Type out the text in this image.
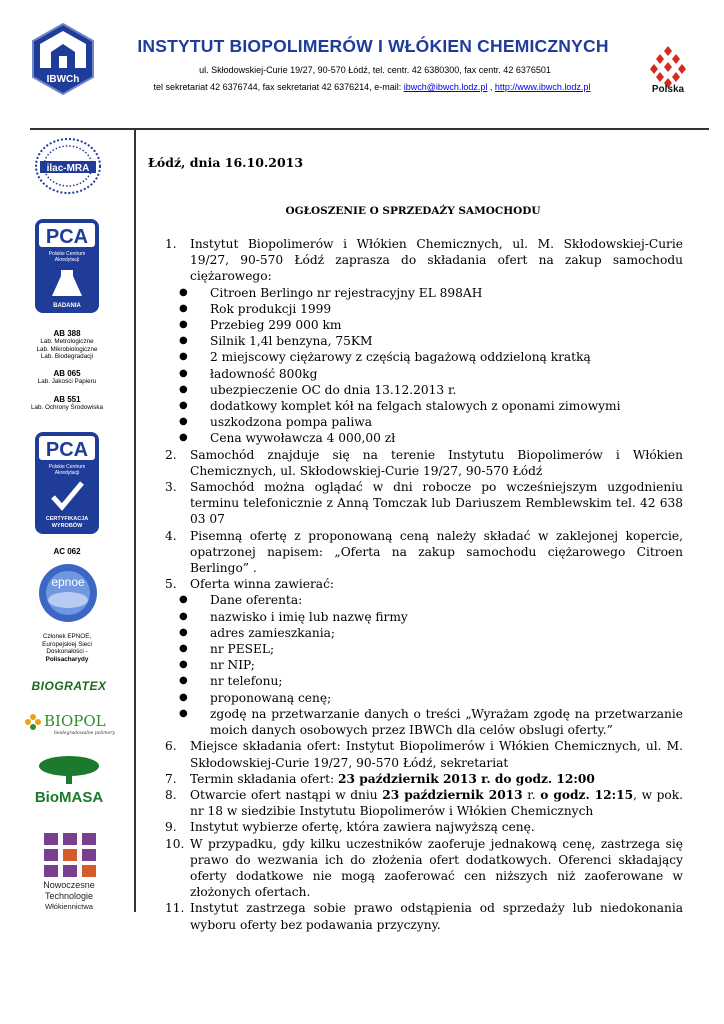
IBWCh
INSTYTUT BIOPOLIMERÓW I WŁÓKIEN CHEMICZNYCH
ul. Skłodowskiej-Curie 19/27, 90-570 Łódź, tel. centr. 42 6380300, fax centr. 42 6376501
tel sekretariat 42 6376744, fax sekretariat 42 6376214, e-mail: ibwch@ibwch.lodz.pl , http://www.ibwch.lodz.pl	Polska
ilac-MRA
PCA
Polskie Centrum
Akredytacji
BADANIA
AB 388
Lab. Metrologiczne
Lab. Mikrobiologiczne
Lab. Biodegradacji
AB 065
Lab. Jakości Papieru
AB 551
Lab. Ochrony Środowiska
PCA
Polskie Centrum
Akredytacji
CERTYFIKACJA
WYROBÓW
AC 062
epnoe
Członek EPNOE,
Europejskiej Sieci
Doskonałości -
Polisacharydy
BIOGRATEX
BIOPOL
biodegradowalne polimery
BioMASA
Nowoczesne
Technologie
Włókiennictwa
Łódź, dnia 16.10.2013
OGŁOSZENIE O SPRZEDAŻY SAMOCHODU
1. Instytut Biopolimerów i Włókien Chemicznych, ul. M. Skłodowskiej-Curie 19/27, 90-570 Łódź zaprasza do składania ofert na zakup samochodu ciężarowego:
● Citroen Berlingo nr rejestracyjny EL 898AH
● Rok produkcji 1999
● Przebieg 299 000 km
● Silnik 1,4l benzyna, 75KM
● 2 miejscowy ciężarowy z częścią bagażową oddzieloną kratką
● ładowność 800kg
● ubezpieczenie OC do dnia 13.12.2013 r.
● dodatkowy komplet kół na felgach stalowych z oponami zimowymi
● uszkodzona pompa paliwa
● Cena wywoławcza 4 000,00 zł
2. Samochód znajduje się na terenie Instytutu Biopolimerów i Włókien Chemicznych, ul. Skłodowskiej-Curie 19/27, 90-570 Łódź
3. Samochód można oglądać w dni robocze po wcześniejszym uzgodnieniu terminu telefonicznie z Anną Tomczak lub Dariuszem Remblewskim tel. 42 638 03 07
4. Pisemną ofertę z proponowaną ceną należy składać w zaklejonej kopercie, opatrzonej napisem: „Oferta na zakup samochodu ciężarowego Citroen Berlingo” .
5. Oferta winna zawierać:
● Dane oferenta:
● nazwisko i imię lub nazwę firmy
● adres zamieszkania;
● nr PESEL;
● nr NIP;
● nr telefonu;
● proponowaną cenę;
● zgodę na przetwarzanie danych o treści „Wyrażam zgodę na przetwarzanie moich danych osobowych przez IBWCh dla celów obslugi oferty.”
6. Miejsce składania ofert: Instytut Biopolimerów i Włókien Chemicznych, ul. M. Skłodowskiej-Curie 19/27, 90-570 Łódź, sekretariat
7. Termin składania ofert: 23 październik 2013 r. do godz. 12:00
8. Otwarcie ofert nastąpi w dniu 23 październik 2013 r. o godz. 12:15, w pok. nr 18 w siedzibie Instytutu Biopolimerów i Włókien Chemicznych
9. Instytut wybierze ofertę, która zawiera najwyższą cenę.
10. W przypadku, gdy kilku uczestników zaoferuje jednakową cenę, zastrzega się prawo do wezwania ich do złożenia ofert dodatkowych. Oferenci składający oferty dodatkowe nie mogą zaoferować cen niższych niż zaoferowane w złożonych ofertach.
11. Instytut zastrzega sobie prawo odstąpienia od sprzedaży lub niedokonania wyboru oferty bez podawania przyczyny.
